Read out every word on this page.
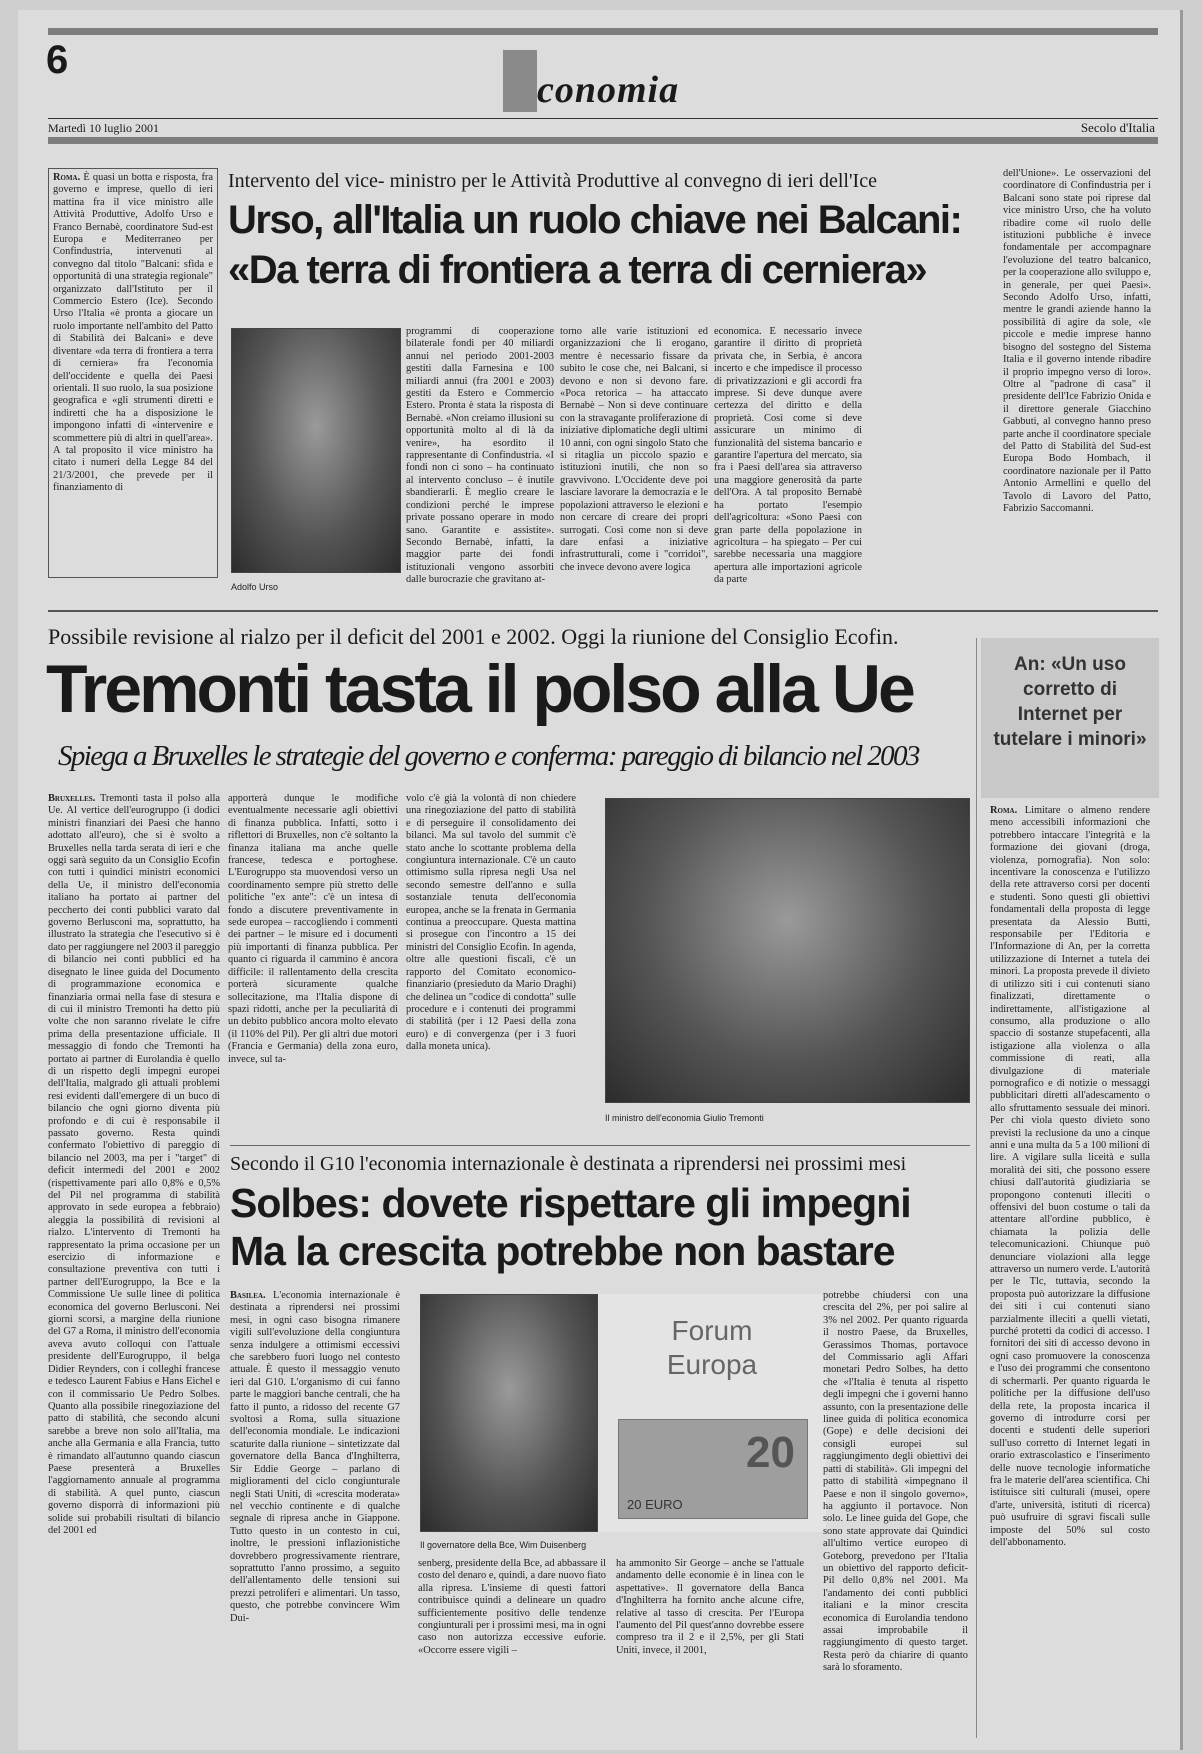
6	Economia
Martedì 10 luglio 2001	Secolo d'Italia
Roma. È quasi un botta e risposta, fra governo e imprese, quello di ieri mattina fra il vice ministro alle Attività Produttive, Adolfo Urso e Franco Bernabè, coordinatore Sud-est Europa e Mediterraneo per Confindustria, intervenuti al convegno dal titolo "Balcani: sfida e opportunità di una strategia regionale" organizzato dall'Istituto per il Commercio Estero (Ice). Secondo Urso l'Italia «è pronta a giocare un ruolo importante nell'ambito del Patto di Stabilità dei Balcani» e deve diventare «da terra di frontiera a terra di cerniera» fra l'economia dell'occidente e quella dei Paesi orientali. Il suo ruolo, la sua posizione geografica e «gli strumenti diretti e indiretti che ha a disposizione le impongono infatti di «intervenire e scommettere più di altri in quell'area». A tal proposito il vice ministro ha citato i numeri della Legge 84 del 21/3/2001, che prevede per il finanziamento di
Intervento del vice- ministro per le Attività Produttive al convegno di ieri dell'Ice
Urso, all'Italia un ruolo chiave nei Balcani:
«Da terra di frontiera a terra di cerniera»
Adolfo Urso
programmi di cooperazione bilaterale fondi per 40 miliardi annui nel periodo 2001-2003 gestiti dalla Farnesina e 100 miliardi annui (fra 2001 e 2003) gestiti da Estero e Commercio Estero. Pronta è stata la risposta di Bernabè. «Non creiamo illusioni su opportunità molto al di là da venire», ha esordito il rappresentante di Confindustria. «I fondi non ci sono – ha continuato al intervento concluso – è inutile sbandierarli. È meglio creare le condizioni perché le imprese private possano operare in modo sano. Garantite e assistite». Secondo Bernabè, infatti, la maggior parte dei fondi istituzionali vengono assorbiti dalle burocrazie che gravitano at-
torno alle varie istituzioni ed organizzazioni che li erogano, mentre è necessario fissare da subito le cose che, nei Balcani, si devono e non si devono fare. «Poca retorica – ha attaccato Bernabè – Non si deve continuare con la stravagante proliferazione di iniziative diplomatiche degli ultimi 10 anni, con ogni singolo Stato che si ritaglia un piccolo spazio e istituzioni inutili, che non so gravvivono. L'Occidente deve poi lasciare lavorare la democrazia e le popolazioni attraverso le elezioni e non cercare di creare dei propri surrogati. Così come non si deve dare enfasi a iniziative infrastrutturali, come i "corridoi", che invece devono avere logica
economica. È necessario invece garantire il diritto di proprietà privata che, in Serbia, è ancora incerto e che impedisce il processo di privatizzazioni e gli accordi fra imprese. Si deve dunque avere certezza del diritto e della proprietà. Così come si deve assicurare un minimo di funzionalità del sistema bancario e garantire l'apertura del mercato, sia fra i Paesi dell'area sia attraverso una maggiore generosità da parte dell'Ora. A tal proposito Bernabè ha portato l'esempio dell'agricoltura: «Sono Paesi con gran parte della popolazione in agricoltura – ha spiegato – Per cui sarebbe necessaria una maggiore apertura alle importazioni agricole da parte
dell'Unione». Le osservazioni del coordinatore di Confindustria per i Balcani sono state poi riprese dal vice ministro Urso, che ha voluto ribadire come «il ruolo delle istituzioni pubbliche è invece fondamentale per accompagnare l'evoluzione del teatro balcanico, per la cooperazione allo sviluppo e, in generale, per quei Paesi». Secondo Adolfo Urso, infatti, mentre le grandi aziende hanno la possibilità di agire da sole, «le piccole e medie imprese hanno bisogno del sostegno del Sistema Italia e il governo intende ribadire il proprio impegno verso di loro». Oltre al "padrone di casa" il presidente dell'Ice Fabrizio Onida e il direttore generale Giacchino Gabbuti, al convegno hanno preso parte anche il coordinatore speciale del Patto di Stabilità del Sud-est Europa Bodo Hombach, il coordinatore nazionale per il Patto Antonio Armellini e quello del Tavolo di Lavoro del Patto, Fabrizio Saccomanni.
Possibile revisione al rialzo per il deficit del 2001 e 2002. Oggi la riunione del Consiglio Ecofin.
Tremonti tasta il polso alla Ue
Spiega a Bruxelles le strategie del governo e conferma: pareggio di bilancio nel 2003
Bruxelles. Tremonti tasta il polso alla Ue. Al vertice dell'eurogruppo (i dodici ministri finanziari dei Paesi che hanno adottato all'euro), che si è svolto a Bruxelles nella tarda serata di ieri e che oggi sarà seguito da un Consiglio Ecofin con tutti i quindici ministri economici della Ue, il ministro dell'economia italiano ha portato ai partner del peccherto dei conti pubblici varato dal governo Berlusconi ma, soprattutto, ha illustrato la strategia che l'esecutivo si è dato per raggiungere nel 2003 il pareggio di bilancio nei conti pubblici ed ha disegnato le linee guida del Documento di programmazione economica e finanziaria ormai nella fase di stesura e di cui il ministro Tremonti ha detto più volte che non saranno rivelate le cifre prima della presentazione ufficiale. Il messaggio di fondo che Tremonti ha portato ai partner di Eurolandia è quello di un rispetto degli impegni europei dell'Italia, malgrado gli attuali problemi resi evidenti dall'emergere di un buco di bilancio che ogni giorno diventa più profondo e di cui è responsabile il passato governo. Resta quindi confermato l'obiettivo di pareggio di bilancio nel 2003, ma per i "target" di deficit intermedi del 2001 e 2002 (rispettivamente pari allo 0,8% e 0,5% del Pil nel programma di stabilità approvato in sede europea a febbraio) aleggia la possibilità di revisioni al rialzo. L'intervento di Tremonti ha rappresentato la prima occasione per un esercizio di informazione e consultazione preventiva con tutti i partner dell'Eurogruppo, la Bce e la Commissione Ue sulle linee di politica economica del governo Berlusconi. Nei giorni scorsi, a margine della riunione del G7 a Roma, il ministro dell'economia aveva avuto colloqui con l'attuale presidente dell'Eurogruppo, il belga Didier Reynders, con i colleghi francese e tedesco Laurent Fabius e Hans Eichel e con il commissario Ue Pedro Solbes. Quanto alla possibile rinegoziazione del patto di stabilità, che secondo alcuni sarebbe a breve non solo all'Italia, ma anche alla Germania e alla Francia, tutto è rimandato all'autunno quando ciascun Paese presenterà a Bruxelles l'aggiornamento annuale al programma di stabilità. A quel punto, ciascun governo disporrà di informazioni più solide sui probabili risultati di bilancio del 2001 ed
apporterà dunque le modifiche eventualmente necessarie agli obiettivi di finanza pubblica. Infatti, sotto i riflettori di Bruxelles, non c'è soltanto la finanza italiana ma anche quelle francese, tedesca e portoghese. L'Eurogruppo sta muovendosi verso un coordinamento sempre più stretto delle politiche "ex ante": c'è un intesa di fondo a discutere preventivamente in sede europea – raccogliendo i commenti dei partner – le misure ed i documenti più importanti di finanza pubblica. Per quanto ci riguarda il cammino è ancora difficile: il rallentamento della crescita porterà sicuramente qualche sollecitazione, ma l'Italia dispone di spazi ridotti, anche per la peculiarità di un debito pubblico ancora molto elevato (il 110% del Pil). Per gli altri due motori (Francia e Germania) della zona euro, invece, sul ta-
volo c'è già la volontà di non chiedere una rinegoziazione del patto di stabilità e di perseguire il consolidamento dei bilanci. Ma sul tavolo del summit c'è stato anche lo scottante problema della congiuntura internazionale. C'è un cauto ottimismo sulla ripresa negli Usa nel secondo semestre dell'anno e sulla sostanziale tenuta dell'economia europea, anche se la frenata in Germania continua a preoccupare. Questa mattina si prosegue con l'incontro a 15 dei ministri del Consiglio Ecofin. In agenda, oltre alle questioni fiscali, c'è un rapporto del Comitato economico-finanziario (presieduto da Mario Draghi) che delinea un "codice di condotta" sulle procedure e i contenuti dei programmi di stabilità (per i 12 Paesi della zona euro) e di convergenza (per i 3 fuori dalla moneta unica).
Il ministro dell'economia Giulio Tremonti
An: «Un uso corretto di Internet per tutelare i minori»
Roma. Limitare o almeno rendere meno accessibili informazioni che potrebbero intaccare l'integrità e la formazione dei giovani (droga, violenza, pornografia). Non solo: incentivare la conoscenza e l'utilizzo della rete attraverso corsi per docenti e studenti. Sono questi gli obiettivi fondamentali della proposta di legge presentata da Alessio Butti, responsabile per l'Editoria e l'Informazione di An, per la corretta utilizzazione di Internet a tutela dei minori. La proposta prevede il divieto di utilizzo siti i cui contenuti siano finalizzati, direttamente o indirettamente, all'istigazione al consumo, alla produzione o allo spaccio di sostanze stupefacenti, alla istigazione alla violenza o alla commissione di reati, alla divulgazione di materiale pornografico e di notizie o messaggi pubblicitari diretti all'adescamento o allo sfruttamento sessuale dei minori. Per chi viola questo divieto sono previsti la reclusione da uno a cinque anni e una multa da 5 a 100 milioni di lire. A vigilare sulla liceità e sulla moralità dei siti, che possono essere chiusi dall'autorità giudiziaria se propongono contenuti illeciti o offensivi del buon costume o tali da attentare all'ordine pubblico, è chiamata la polizia delle telecomunicazioni. Chiunque può denunciare violazioni alla legge attraverso un numero verde. L'autorità per le Tlc, tuttavia, secondo la proposta può autorizzare la diffusione dei siti i cui contenuti siano parzialmente illeciti a quelli vietati, purché protetti da codici di accesso. I fornitori dei siti di accesso devono in ogni caso promuovere la conoscenza e l'uso dei programmi che consentono di schermarli. Per quanto riguarda le politiche per la diffusione dell'uso della rete, la proposta incarica il governo di introdurre corsi per docenti e studenti delle superiori sull'uso corretto di Internet legati in orario extrascolastico e l'inserimento delle nuove tecnologie informatiche fra le materie dell'area scientifica. Chi istituisce siti culturali (musei, opere d'arte, università, istituti di ricerca) può usufruire di sgravi fiscali sulle imposte del 50% sul costo dell'abbonamento.
Secondo il G10 l'economia internazionale è destinata a riprendersi nei prossimi mesi
Solbes: dovete rispettare gli impegni
Ma la crescita potrebbe non bastare
Basilea. L'economia internazionale è destinata a riprendersi nei prossimi mesi, in ogni caso bisogna rimanere vigili sull'evoluzione della congiuntura senza indulgere a ottimismi eccessivi che sarebbero fuori luogo nel contesto attuale. È questo il messaggio venuto ieri dal G10. L'organismo di cui fanno parte le maggiori banche centrali, che ha fatto il punto, a ridosso del recente G7 svoltosi a Roma, sulla situazione dell'economia mondiale. Le indicazioni scaturite dalla riunione – sintetizzate dal governatore della Banca d'Inghilterra, Sir Eddie George – parlano di miglioramenti del ciclo congiunturale negli Stati Uniti, di «crescita moderata» nel vecchio continente e di qualche segnale di ripresa anche in Giappone. Tutto questo in un contesto in cui, inoltre, le pressioni inflazionistiche dovrebbero progressivamente rientrare, soprattutto l'anno prossimo, a seguito dell'allentamento delle tensioni sui prezzi petroliferi e alimentari. Un tasso, questo, che potrebbe convincere Wim Dui-
Forum
Europa
20
20 EURO
Il governatore della Bce, Wim Duisenberg
senberg, presidente della Bce, ad abbassare il costo del denaro e, quindi, a dare nuovo fiato alla ripresa. L'insieme di questi fattori contribuisce quindi a delineare un quadro sufficientemente positivo delle tendenze congiunturali per i prossimi mesi, ma in ogni caso non autorizza eccessive euforie. «Occorre essere vigili –
ha ammonito Sir George – anche se l'attuale andamento delle economie è in linea con le aspettative». Il governatore della Banca d'Inghilterra ha fornito anche alcune cifre, relative al tasso di crescita. Per l'Europa l'aumento del Pil quest'anno dovrebbe essere compreso tra il 2 e il 2,5%, per gli Stati Uniti, invece, il 2001,
potrebbe chiudersi con una crescita del 2%, per poi salire al 3% nel 2002. Per quanto riguarda il nostro Paese, da Bruxelles, Gerassimos Thomas, portavoce del Commissario agli Affari monetari Pedro Solbes, ha detto che «l'Italia è tenuta al rispetto degli impegni che i governi hanno assunto, con la presentazione delle linee guida di politica economica (Gope) e delle decisioni dei consigli europei sul raggiungimento degli obiettivi dei patti di stabilità». Gli impegni del patto di stabilità «impegnano il Paese e non il singolo governo», ha aggiunto il portavoce. Non solo. Le linee guida del Gope, che sono state approvate dai Quindici all'ultimo vertice europeo di Goteborg, prevedono per l'Italia un obiettivo del rapporto deficit-Pil dello 0,8% nel 2001. Ma l'andamento dei conti pubblici italiani e la minor crescita economica di Eurolandia tendono assai improbabile il raggiungimento di questo target. Resta però da chiarire di quanto sarà lo sforamento.
